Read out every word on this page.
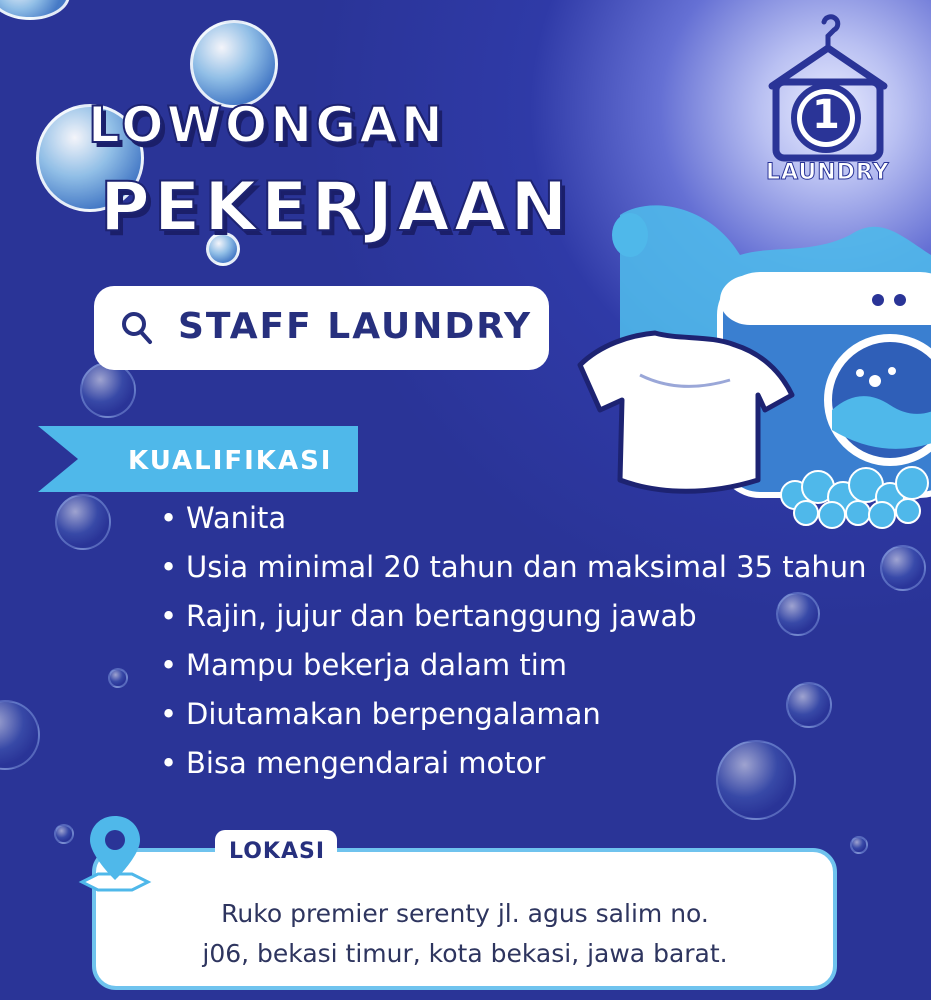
1
LAUNDRY
LOWONGAN
PEKERJAAN
STAFF LAUNDRY
KUALIFIKASI
• Wanita
• Usia minimal 20 tahun dan maksimal 35 tahun
• Rajin, jujur dan bertanggung jawab
• Mampu bekerja dalam tim
• Diutamakan berpengalaman
• Bisa mengendarai motor
LOKASI
Ruko premier serenty jl. agus salim no.
j06, bekasi timur, kota bekasi, jawa barat.
